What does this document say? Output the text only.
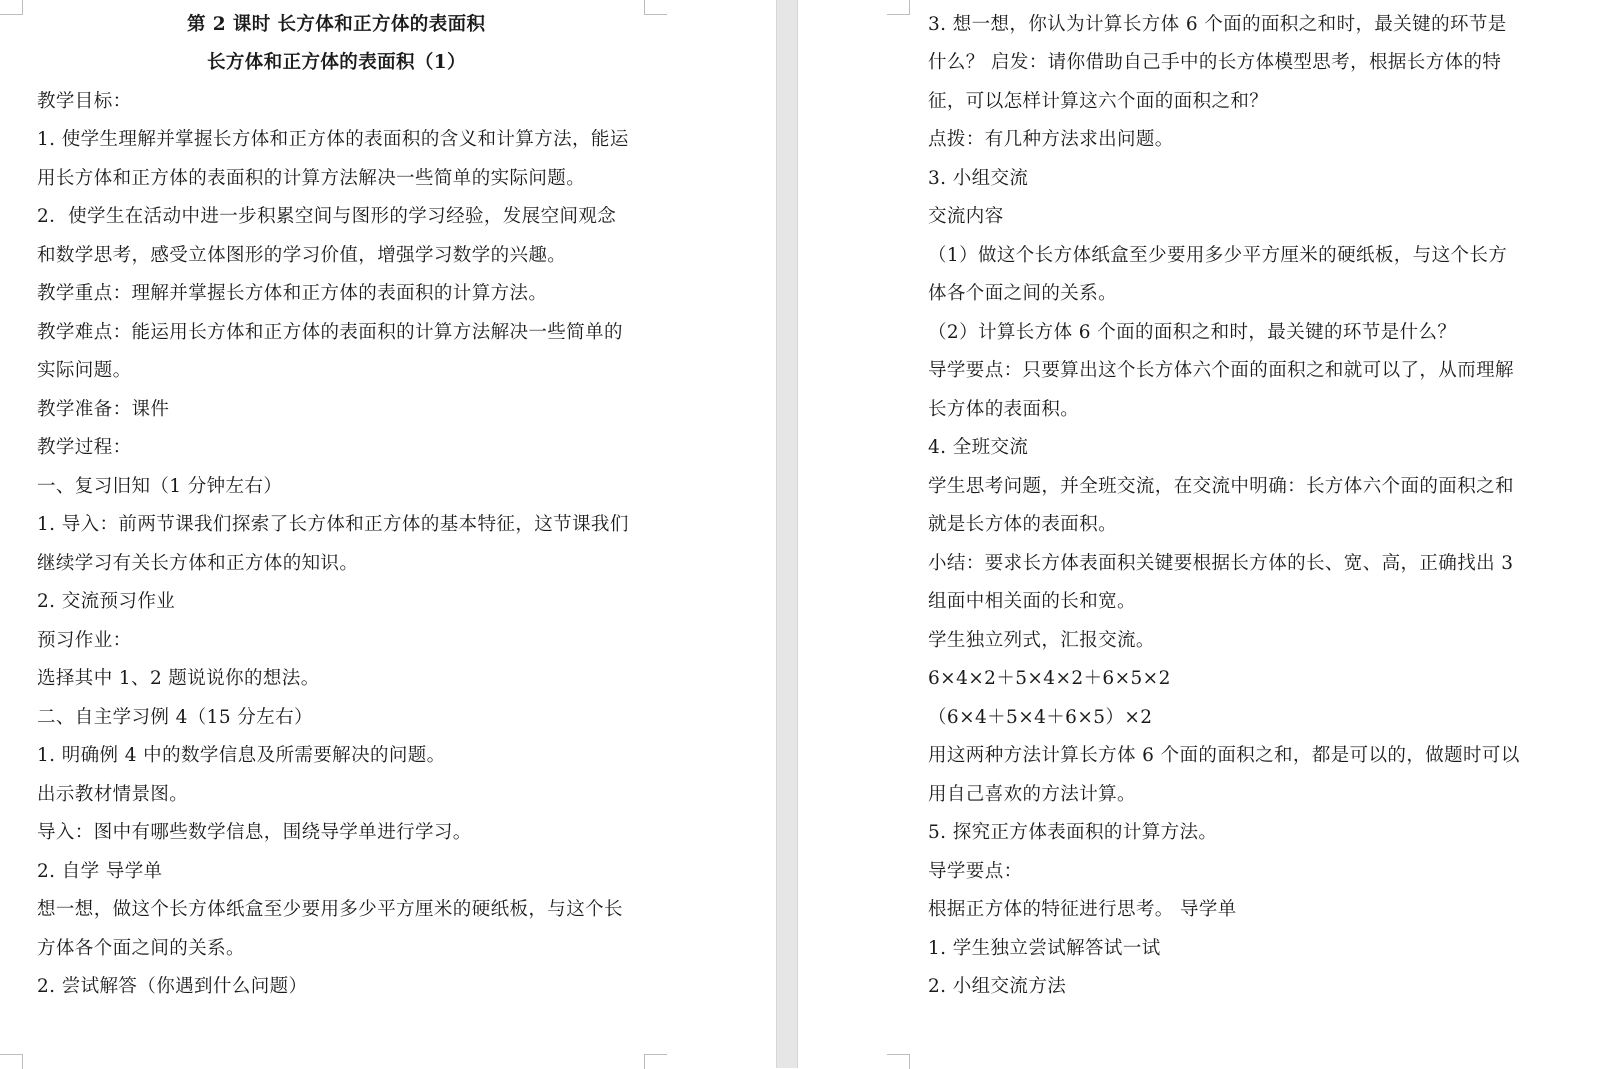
第 2 课时 长方体和正方体的表面积
长方体和正方体的表面积（1）
教学目标：
1. 使学生理解并掌握长方体和正方体的表面积的含义和计算方法，能运
用长方体和正方体的表面积的计算方法解决一些简单的实际问题。
2．使学生在活动中进一步积累空间与图形的学习经验，发展空间观念
和数学思考，感受立体图形的学习价值，增强学习数学的兴趣。
教学重点：理解并掌握长方体和正方体的表面积的计算方法。
教学难点：能运用长方体和正方体的表面积的计算方法解决一些简单的
实际问题。
教学准备：课件
教学过程：
一、复习旧知（1 分钟左右）
1. 导入：前两节课我们探索了长方体和正方体的基本特征，这节课我们
继续学习有关长方体和正方体的知识。
2. 交流预习作业
预习作业：
选择其中 1、2 题说说你的想法。
二、自主学习例 4（15 分左右）
1. 明确例 4 中的数学信息及所需要解决的问题。
出示教材情景图。
导入：图中有哪些数学信息，围绕导学单进行学习。
2. 自学 导学单
想一想，做这个长方体纸盒至少要用多少平方厘米的硬纸板，与这个长
方体各个面之间的关系。
2. 尝试解答（你遇到什么问题）
3. 想一想，你认为计算长方体 6 个面的面积之和时，最关键的环节是
什么？ 启发：请你借助自己手中的长方体模型思考，根据长方体的特
征，可以怎样计算这六个面的面积之和？
点拨：有几种方法求出问题。
3. 小组交流
交流内容
（1）做这个长方体纸盒至少要用多少平方厘米的硬纸板，与这个长方
体各个面之间的关系。
（2）计算长方体 6 个面的面积之和时，最关键的环节是什么？
导学要点：只要算出这个长方体六个面的面积之和就可以了，从而理解
长方体的表面积。
4. 全班交流
学生思考问题，并全班交流，在交流中明确：长方体六个面的面积之和
就是长方体的表面积。
小结：要求长方体表面积关键要根据长方体的长、宽、高，正确找出 3
组面中相关面的长和宽。
学生独立列式，汇报交流。
6×4×2＋5×4×2＋6×5×2
（6×4＋5×4＋6×5）×2
用这两种方法计算长方体 6 个面的面积之和，都是可以的，做题时可以
用自己喜欢的方法计算。
5. 探究正方体表面积的计算方法。
导学要点：
根据正方体的特征进行思考。 导学单
1. 学生独立尝试解答试一试
2. 小组交流方法
